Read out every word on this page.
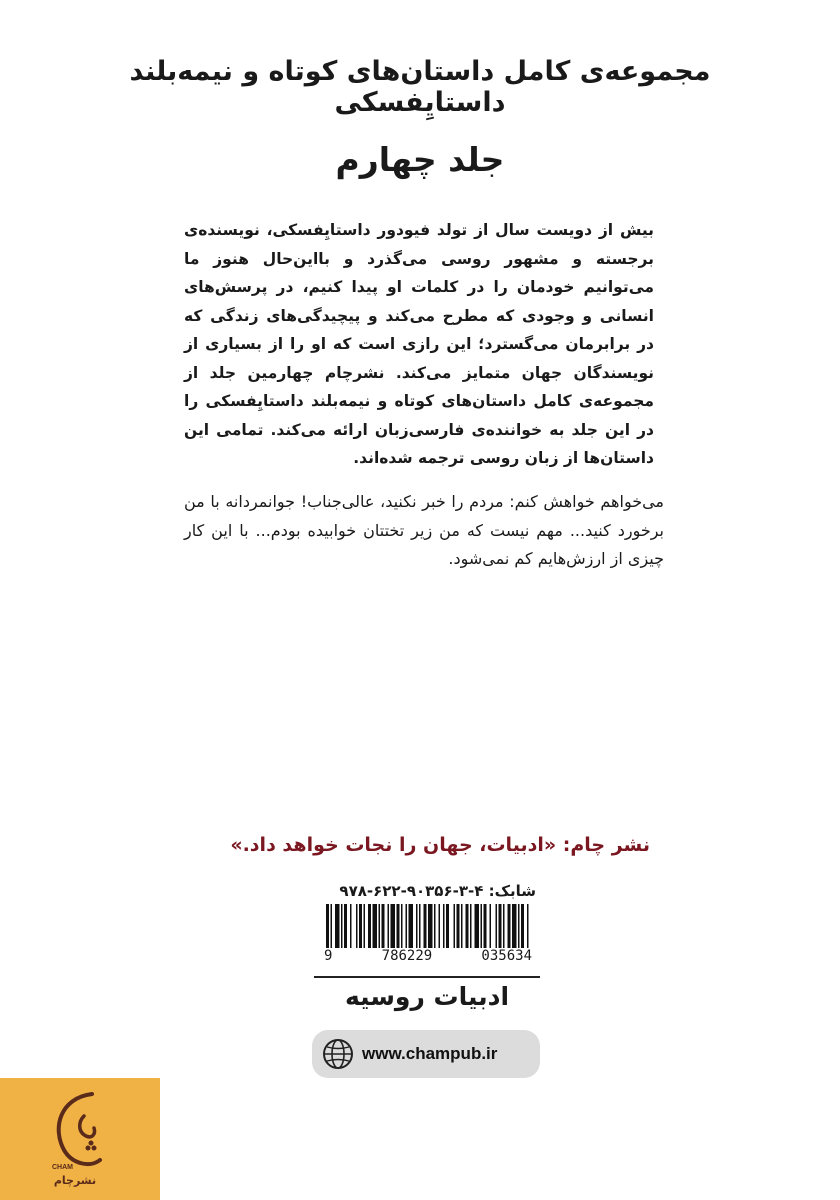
مجموعه‌ی کامل داستان‌های کوتاه و نیمه‌بلند داستایِفسکی
جلد چهارم

بیش از دویست سال از تولد فیودور داستایِفسکی، نویسنده‌ی برجسته و مشهور روسی می‌گذرد و بااین‌حال هنوز ما می‌توانیم خودمان را در کلمات او پیدا کنیم، در پرسش‌های انسانی و وجودی که مطرح می‌کند و پیچیدگی‌های زندگی که در برابرمان می‌گسترد؛ این رازی است که او را از بسیاری از نویسندگان جهان متمایز می‌کند. نشرچام چهارمین جلد از مجموعه‌ی کامل داستان‌های کوتاه و نیمه‌بلند داستایِفسکی را در این جلد به خواننده‌ی فارسی‌زبان ارائه می‌کند. تمامی این داستان‌ها از زبان روسی ترجمه شده‌اند.

می‌خواهم خواهش کنم: مردم را خبر نکنید، عالی‌جناب! جوانمردانه با من برخورد کنید... مهم نیست که من زیر تختتان خوابیده بودم... با این کار چیزی از ارزش‌هایم کم نمی‌شود.

نشر چام: «ادبیات، جهان را نجات خواهد داد.»

شابک: ۴-۳-۹۰۳۵۶-۶۲۲-۹۷۸

9	786229	035634

ادبیات روسیه

www.champub.ir
CHAM
نشرچام
